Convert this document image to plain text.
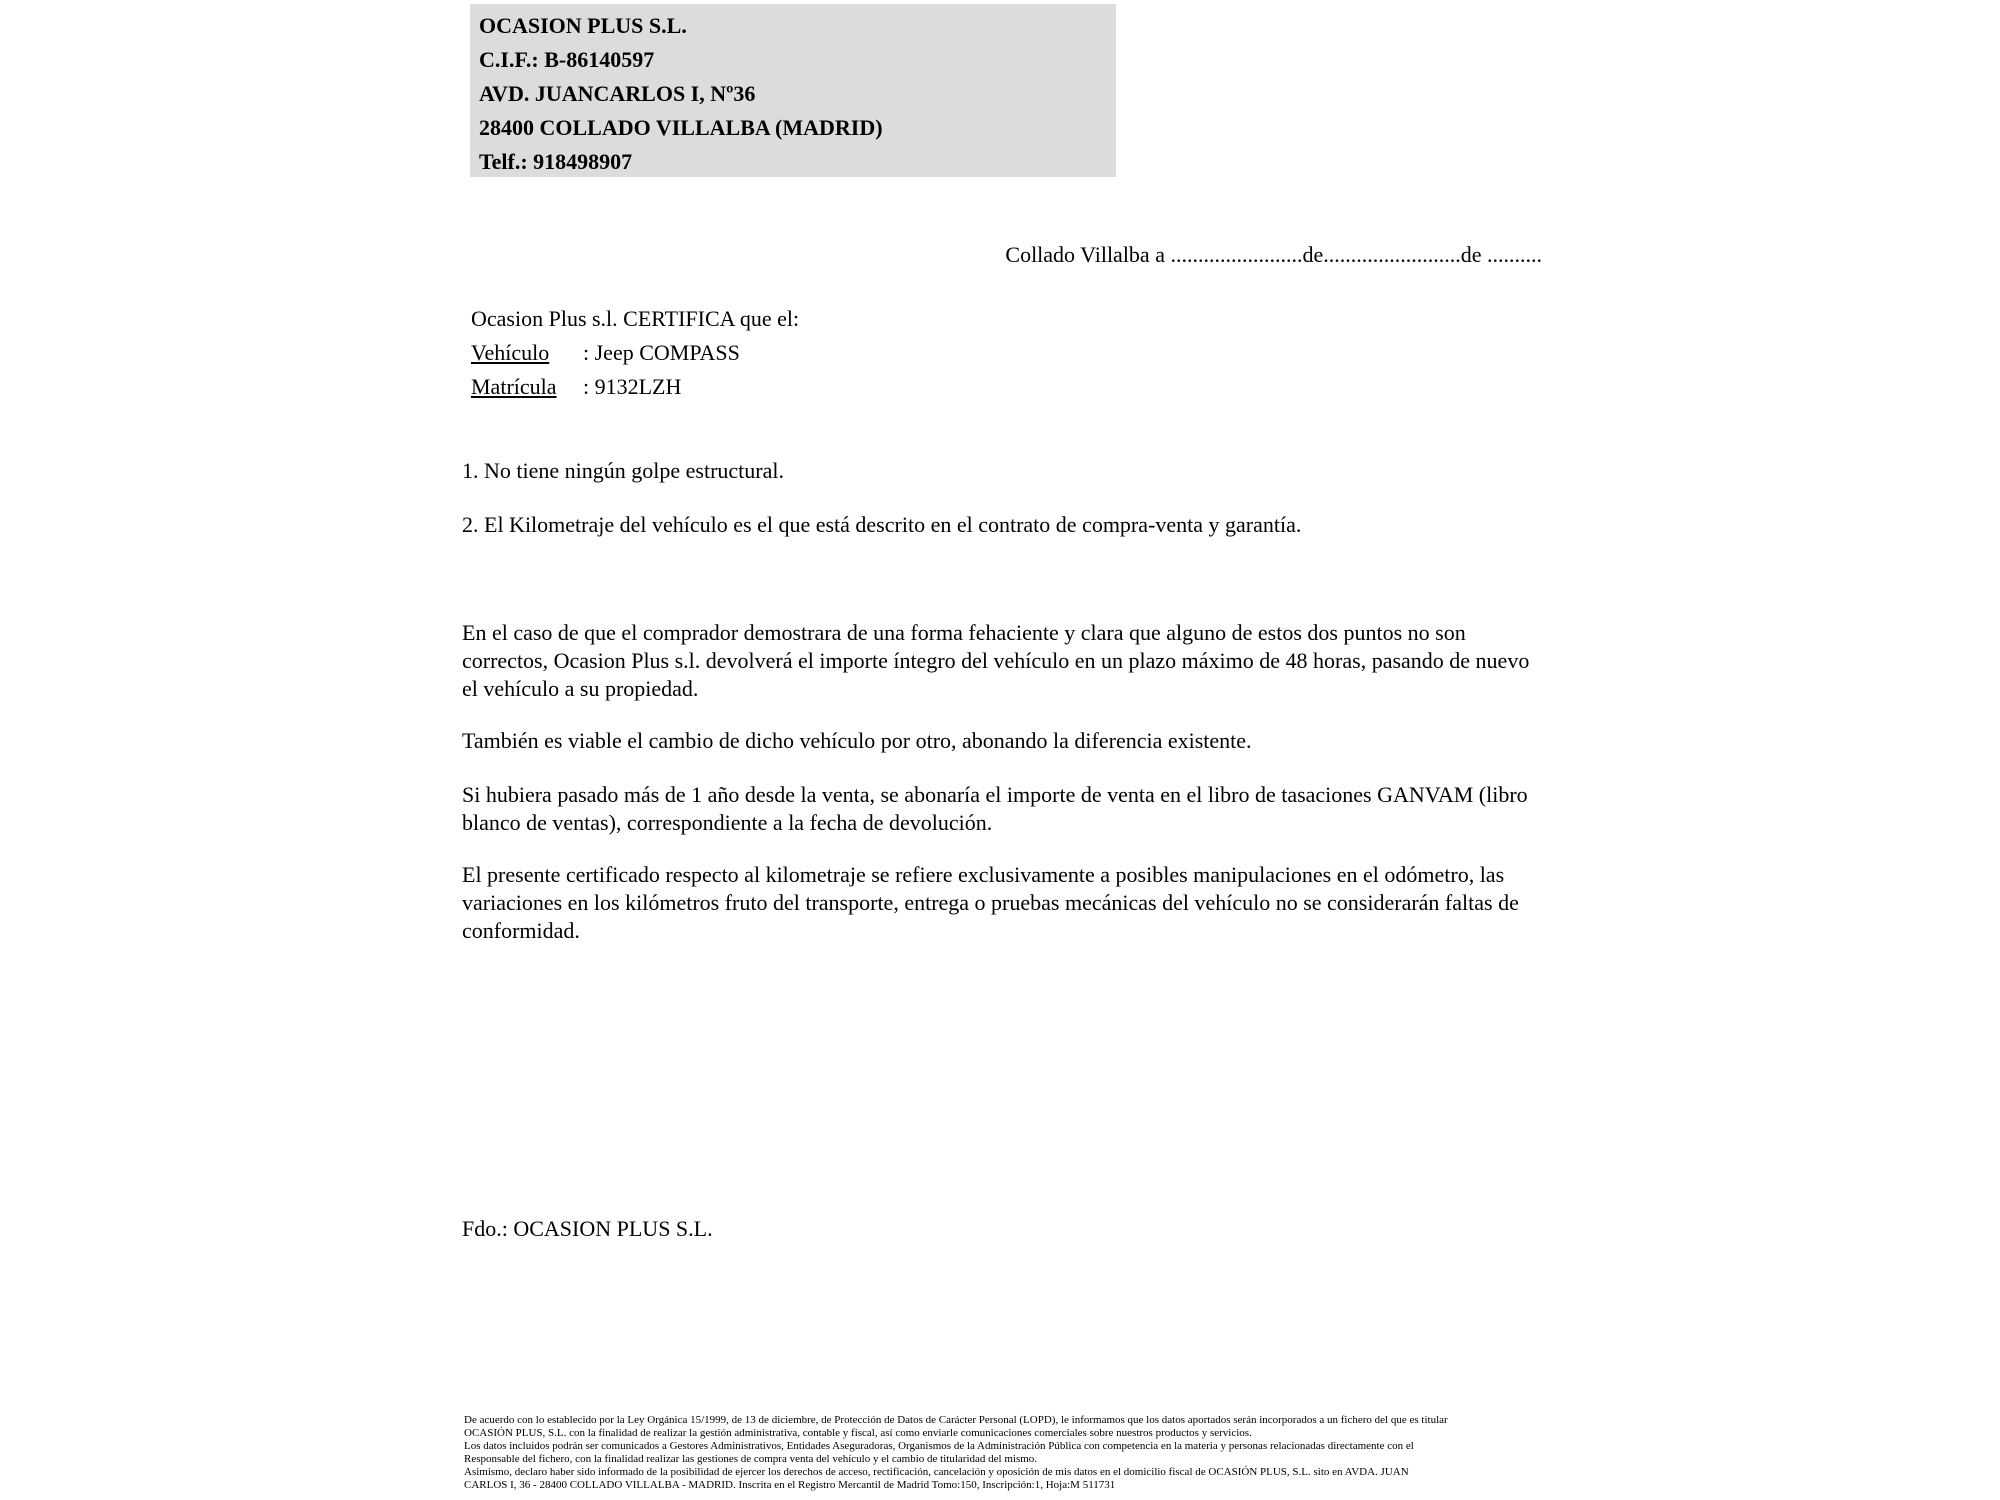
OCASION PLUS S.L.
C.I.F.: B-86140597
AVD. JUANCARLOS I, Nº36
28400 COLLADO VILLALBA (MADRID)
Telf.: 918498907
Collado Villalba a ........................de.........................de ..........
Ocasion Plus s.l. CERTIFICA que el:
Vehículo : Jeep COMPASS
Matrícula : 9132LZH
1. No tiene ningún golpe estructural.
2. El Kilometraje del vehículo es el que está descrito en el contrato de compra-venta y garantía.
En el caso de que el comprador demostrara de una forma fehaciente y clara que alguno de estos dos puntos no son correctos, Ocasion Plus s.l. devolverá el importe íntegro del vehículo en un plazo máximo de 48 horas, pasando de nuevo el vehículo a su propiedad.
También es viable el cambio de dicho vehículo por otro, abonando la diferencia existente.
Si hubiera pasado más de 1 año desde la venta, se abonaría el importe de venta en el libro de tasaciones GANVAM (libro blanco de ventas), correspondiente a la fecha de devolución.
El presente certificado respecto al kilometraje se refiere exclusivamente a posibles manipulaciones en el odómetro, las variaciones en los kilómetros fruto del transporte, entrega o pruebas mecánicas del vehículo no se considerarán faltas de conformidad.
Fdo.: OCASION PLUS S.L.
De acuerdo con lo establecido por la Ley Orgánica 15/1999, de 13 de diciembre, de Protección de Datos de Carácter Personal (LOPD), le informamos que los datos aportados serán incorporados a un fichero del que es titular
OCASIÓN PLUS, S.L. con la finalidad de realizar la gestión administrativa, contable y fiscal, así como enviarle comunicaciones comerciales sobre nuestros productos y servicios.
Los datos incluidos podrán ser comunicados a Gestores Administrativos, Entidades Aseguradoras, Organismos de la Administración Pública con competencia en la materia y personas relacionadas directamente con el
Responsable del fichero, con la finalidad realizar las gestiones de compra venta del vehículo y el cambio de titularidad del mismo.
Asimismo, declaro haber sido informado de la posibilidad de ejercer los derechos de acceso, rectificación, cancelación y oposición de mis datos en el domicilio fiscal de OCASIÓN PLUS, S.L. sito en AVDA. JUAN
CARLOS I, 36 - 28400 COLLADO VILLALBA - MADRID. Inscrita en el Registro Mercantil de Madrid Tomo:150, Inscripción:1, Hoja:M 511731
